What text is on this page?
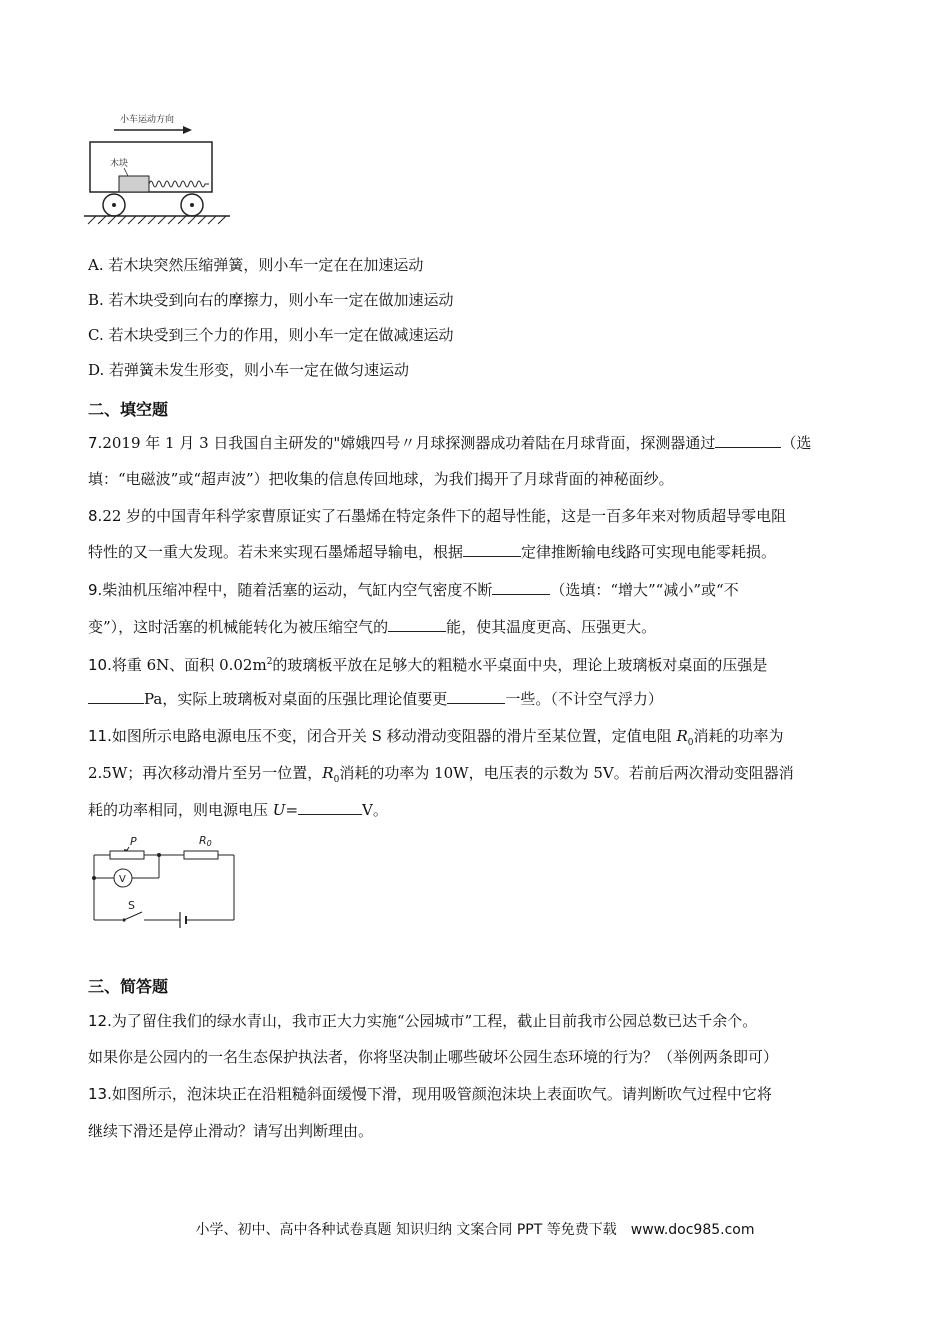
小车运动方向
木块
A. 若木块突然压缩弹簧，则小车一定在在加速运动
B. 若木块受到向右的摩擦力，则小车一定在做加速运动
C. 若木块受到三个力的作用，则小车一定在做减速运动
D. 若弹簧未发生形变，则小车一定在做匀速运动
二、填空题
7.2019 年 1 月 3 日我国自主研发的"嫦娥四号〃月球探测器成功着陆在月球背面，探测器通过	（选
填：“电磁波”或“超声波”）把收集的信息传回地球，为我们揭开了月球背面的神秘面纱。
8.22 岁的中国青年科学家曹原证实了石墨烯在特定条件下的超导性能，这是一百多年来对物质超导零电阻
特性的又一重大发现。若未来实现石墨烯超导输电，根据	定律推断输电线路可实现电能零耗损。
9.柴油机压缩冲程中，随着活塞的运动，气缸内空气密度不断	（选填：“增大”“减小”或“不
变”），这时活塞的机械能转化为被压缩空气的	能，使其温度更高、压强更大。
10.将重 6N、面积 $0.02m^2$的玻璃板平放在足够大的粗糙水平桌面中央，理论上玻璃板对桌面的压强是
Pa，实际上玻璃板对桌面的压强比理论值要更	一些。（不计空气浮力）
11.如图所示电路电源电压不变，闭合开关 S 移动滑动变阻器的滑片至某位置，定值电阻 $R_0$消耗的功率为
2.5W；再次移动滑片至另一位置，$R_0$消耗的功率为 10W，电压表的示数为 5V。若前后两次滑动变阻器消
耗的功率相同，则电源电压 U=	V。
P	R0
V
S
三、简答题
12.为了留住我们的绿水青山，我市正大力实施“公园城市”工程，截止目前我市公园总数已达千余个。
如果你是公园内的一名生态保护执法者，你将坚决制止哪些破坏公园生态环境的行为？（举例两条即可）
13.如图所示，泡沫块正在沿粗糙斜面缓慢下滑，现用吸管颜泡沫块上表面吹气。请判断吹气过程中它将
继续下滑还是停止滑动？请写出判断理由。
小学、初中、高中各种试卷真题 知识归纳 文案合同 PPT 等免费下载 www.doc985.com
